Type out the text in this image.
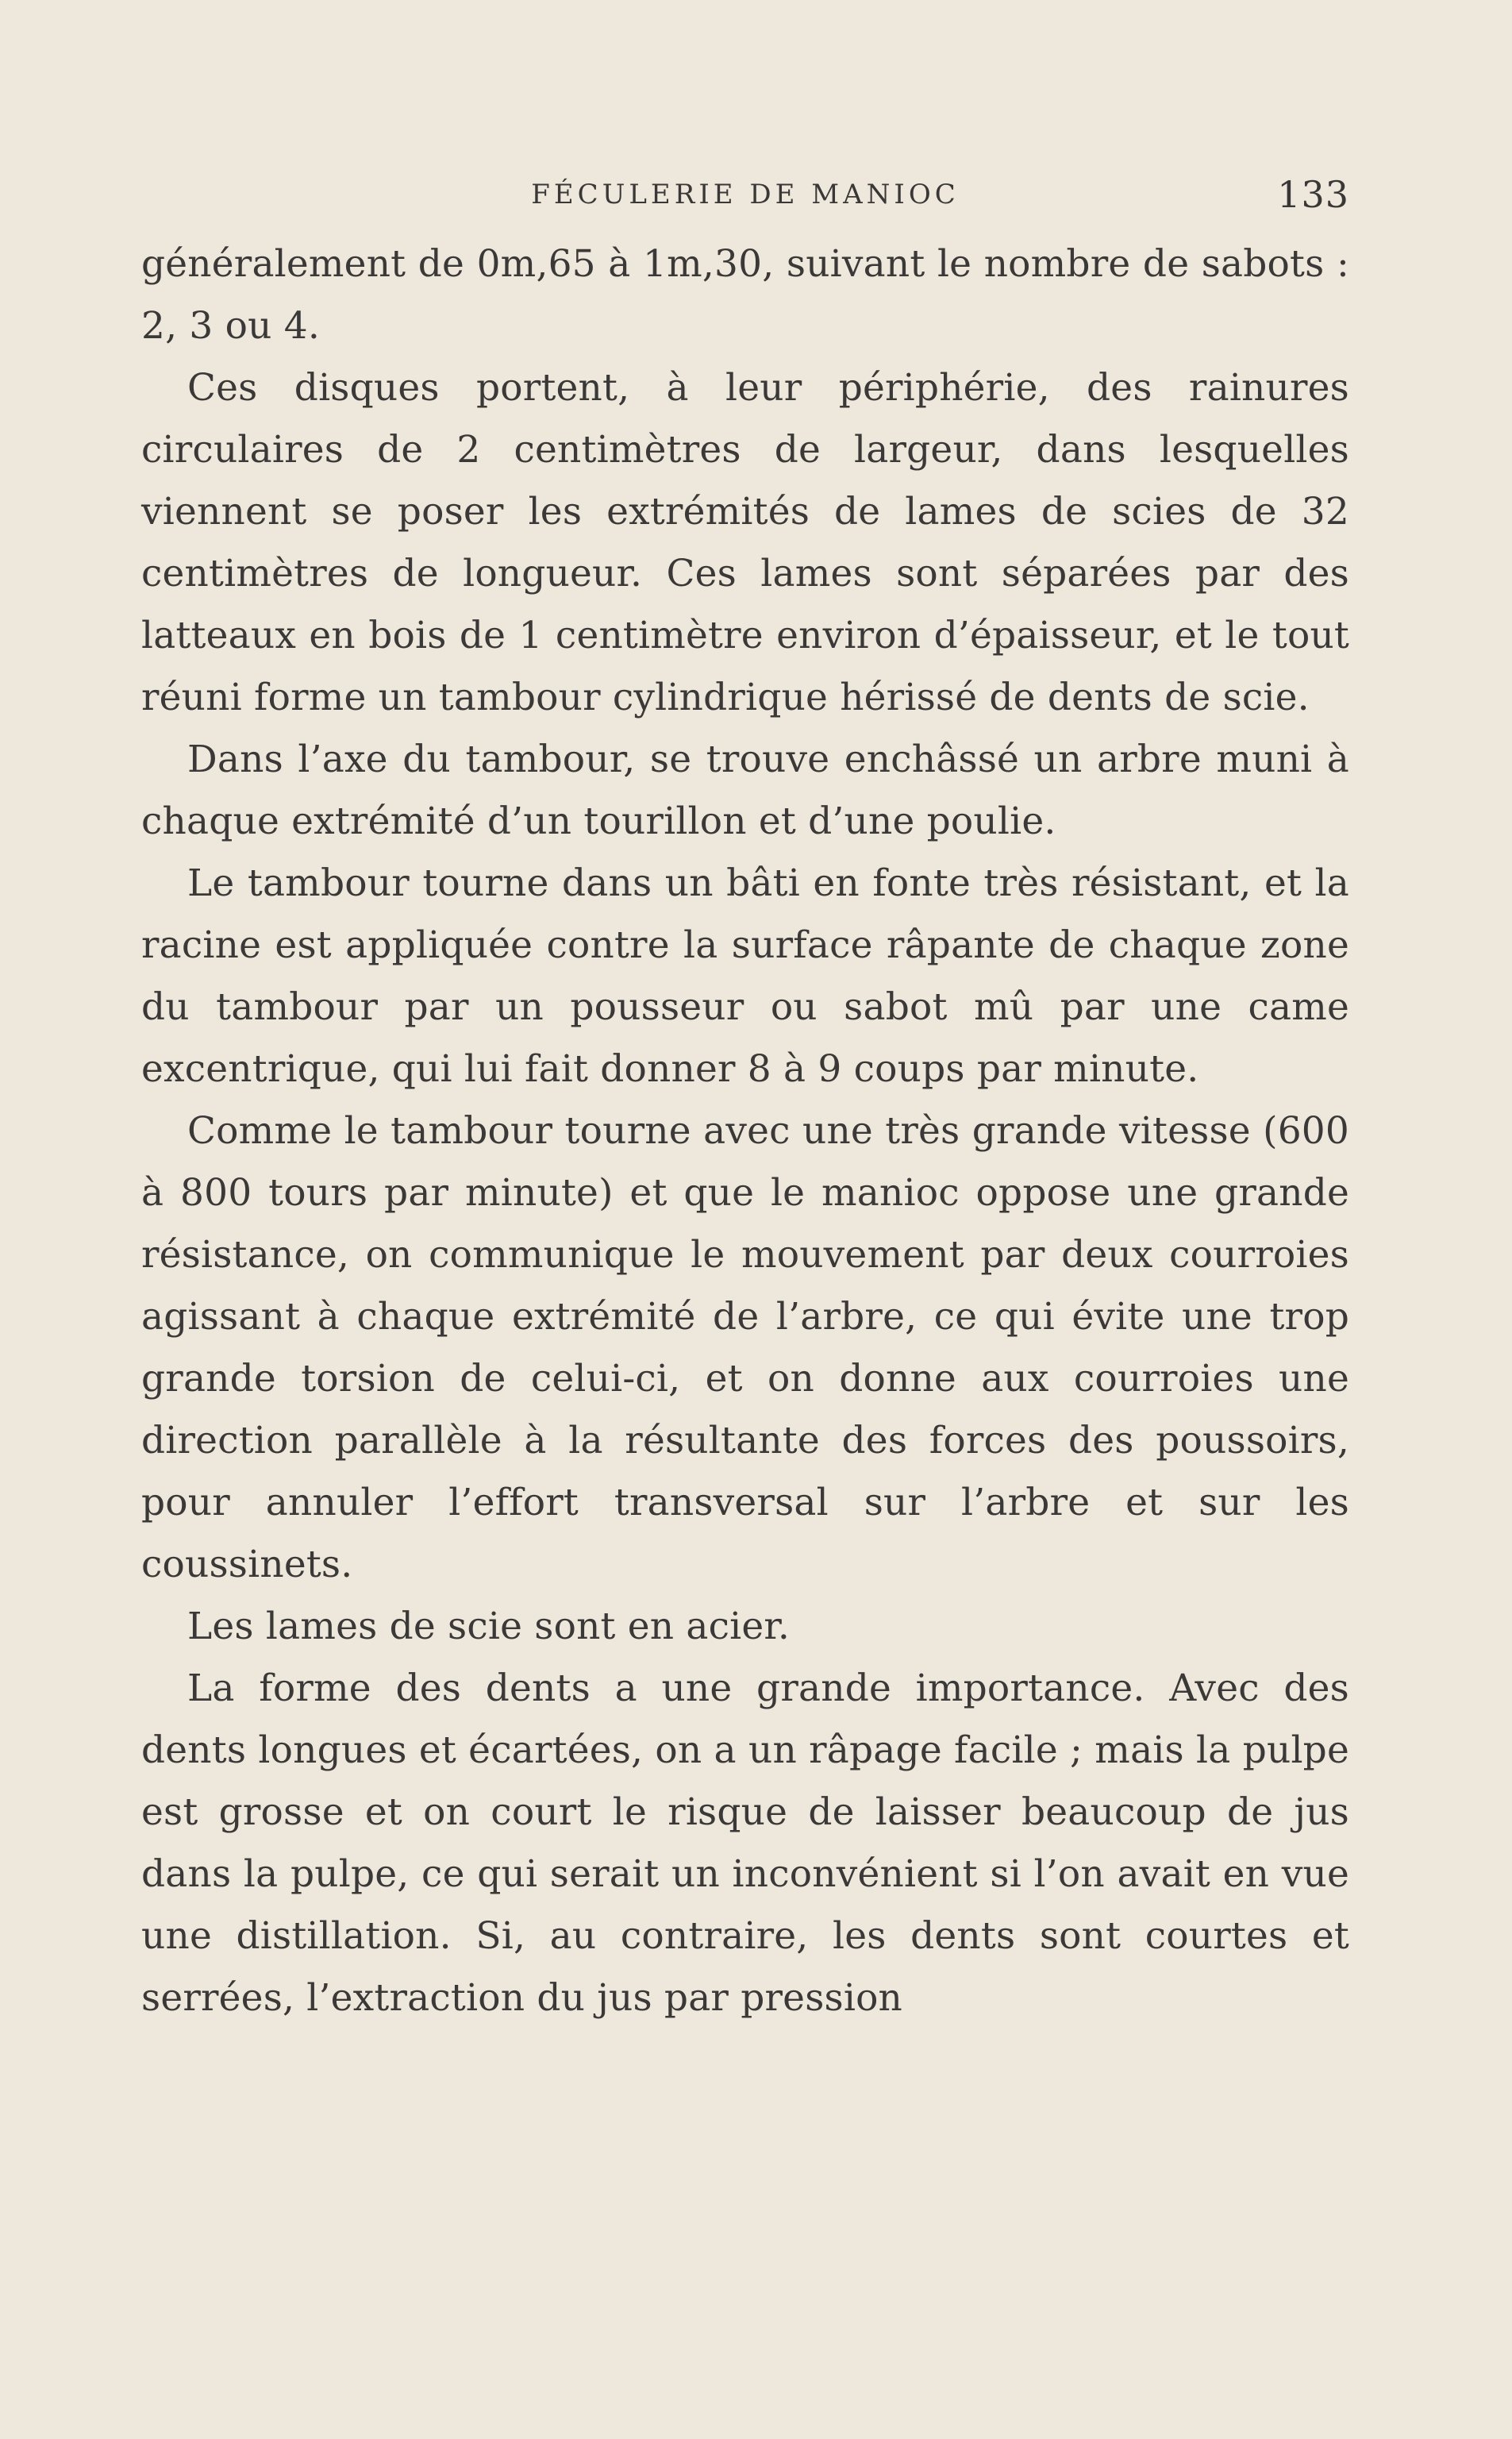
FÉCULERIE DE MANIOC	133

généralement de 0m,65 à 1m,30, suivant le nombre de sabots : 2, 3 ou 4.

Ces disques portent, à leur périphérie, des rainures circulaires de 2 centimètres de largeur, dans lesquelles viennent se poser les extrémités de lames de scies de 32 centimètres de longueur. Ces lames sont séparées par des latteaux en bois de 1 centimètre environ d’épaisseur, et le tout réuni forme un tambour cylindrique hérissé de dents de scie.

Dans l’axe du tambour, se trouve enchâssé un arbre muni à chaque extrémité d’un tourillon et d’une poulie.

Le tambour tourne dans un bâti en fonte très résistant, et la racine est appliquée contre la surface râpante de chaque zone du tambour par un pousseur ou sabot mû par une came excentrique, qui lui fait donner 8 à 9 coups par minute.

Comme le tambour tourne avec une très grande vitesse (600 à 800 tours par minute) et que le manioc oppose une grande résistance, on communique le mouvement par deux courroies agissant à chaque extrémité de l’arbre, ce qui évite une trop grande torsion de celui-ci, et on donne aux courroies une direction parallèle à la résultante des forces des poussoirs, pour annuler l’effort transversal sur l’arbre et sur les coussinets.

Les lames de scie sont en acier.

La forme des dents a une grande importance. Avec des dents longues et écartées, on a un râpage facile ; mais la pulpe est grosse et on court le risque de laisser beaucoup de jus dans la pulpe, ce qui serait un inconvénient si l’on avait en vue une distillation. Si, au contraire, les dents sont courtes et serrées, l’extraction du jus par pression
